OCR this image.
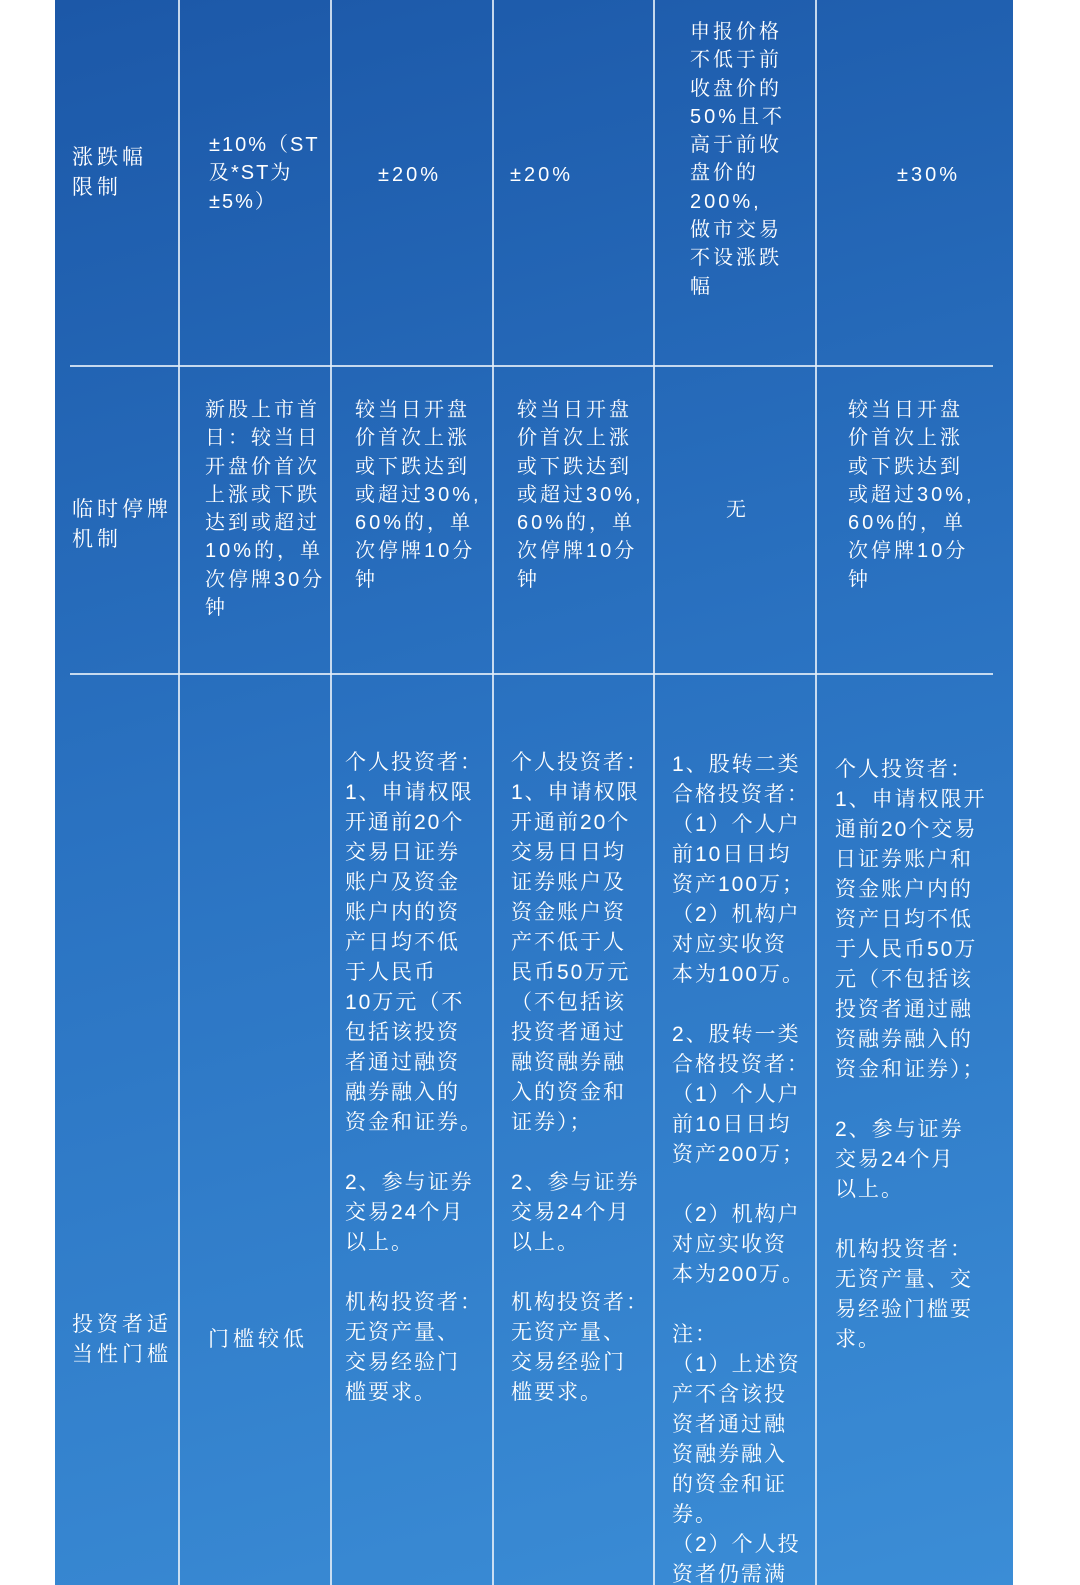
涨跌幅
限制
±10%（ST
及*ST为
±5%）
±20%	±20%
申报价格
不低于前
收盘价的
50%且不
高于前收
盘价的
200%,
做市交易
不设涨跌
幅
±30%
临时停牌
机制
新股上市首
日：较当日
开盘价首次
上涨或下跌
达到或超过
10%的，单
次停牌30分
钟
较当日开盘
价首次上涨
或下跌达到
或超过30%,
60%的，单
次停牌10分
钟
较当日开盘
价首次上涨
或下跌达到
或超过30%,
60%的，单
次停牌10分
钟
无
较当日开盘
价首次上涨
或下跌达到
或超过30%,
60%的，单
次停牌10分
钟
投资者适
当性门槛
门槛较低
个人投资者：
1、申请权限
开通前20个
交易日证券
账户及资金
账户内的资
产日均不低
于人民币
10万元（不
包括该投资
者通过融资
融券融入的
资金和证券。

2、参与证券
交易24个月
以上。

机构投资者：
无资产量、
交易经验门
槛要求。
个人投资者：
1、申请权限
开通前20个
交易日日均
证券账户及
资金账户资
产不低于人
民币50万元
（不包括该
投资者通过
融资融券融
入的资金和
证券）；

2、参与证券
交易24个月
以上。

机构投资者：
无资产量、
交易经验门
槛要求。
1、股转二类
合格投资者：
（1）个人户
前10日日均
资产100万；
（2）机构户
对应实收资
本为100万。

2、股转一类
合格投资者：
（1）个人户
前10日日均
资产200万；

（2）机构户
对应实收资
本为200万。

注：
（1）上述资
产不含该投
资者通过融
资融券融入
的资金和证
券。
（2）个人投
资者仍需满
个人投资者：
1、申请权限开
通前20个交易
日证券账户和
资金账户内的
资产日均不低
于人民币50万
元（不包括该
投资者通过融
资融券融入的
资金和证券）；

2、参与证券
交易24个月
以上。

机构投资者：
无资产量、交
易经验门槛要
求。
